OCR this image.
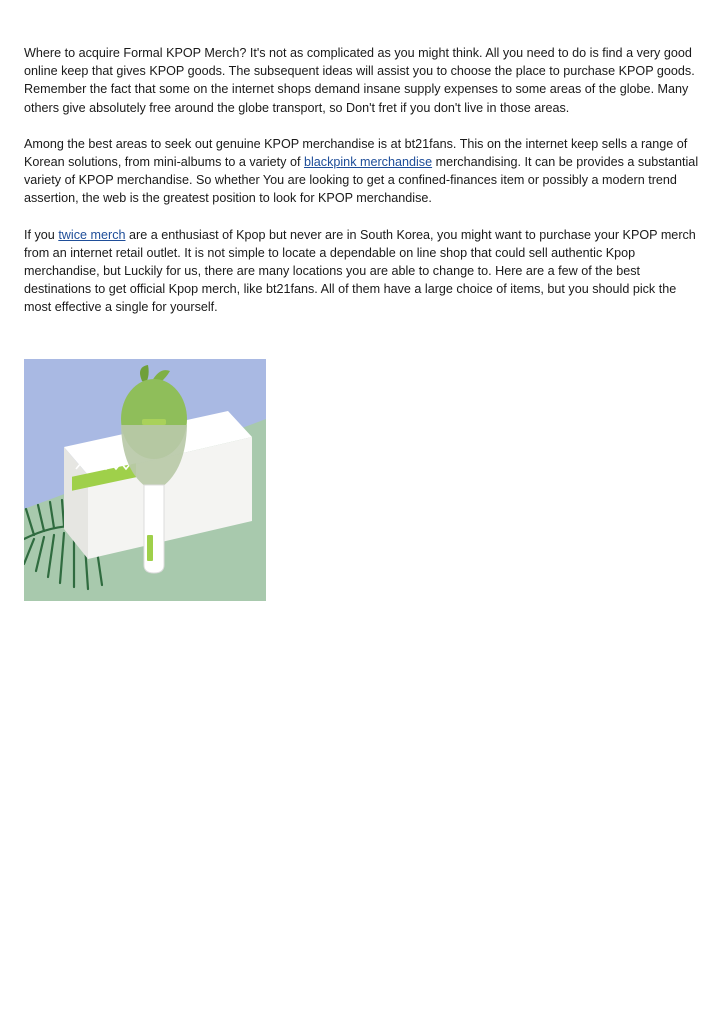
Where to acquire Formal KPOP Merch? It's not as complicated as you might think. All you need to do is find a very good online keep that gives KPOP goods. The subsequent ideas will assist you to choose the place to purchase KPOP goods. Remember the fact that some on the internet shops demand insane supply expenses to some areas of the globe. Many others give absolutely free around the globe transport, so Don't fret if you don't live in those areas.

Among the best areas to seek out genuine KPOP merchandise is at bt21fans. This on the internet keep sells a range of Korean solutions, from mini-albums to a variety of blackpink merchandise merchandising. It can be provides a substantial variety of KPOP merchandise. So whether You are looking to get a confined-finances item or possibly a modern trend assertion, the web is the greatest position to look for KPOP merchandise.

If you twice merch are a enthusiast of Kpop but never are in South Korea, you might want to purchase your KPOP merch from an internet retail outlet. It is not simple to locate a dependable on line shop that could sell authentic Kpop merchandise, but Luckily for us, there are many locations you are able to change to. Here are a few of the best destinations to get official Kpop merch, like bt21fans. All of them have a large choice of items, but you should pick the most effective a single for yourself.
